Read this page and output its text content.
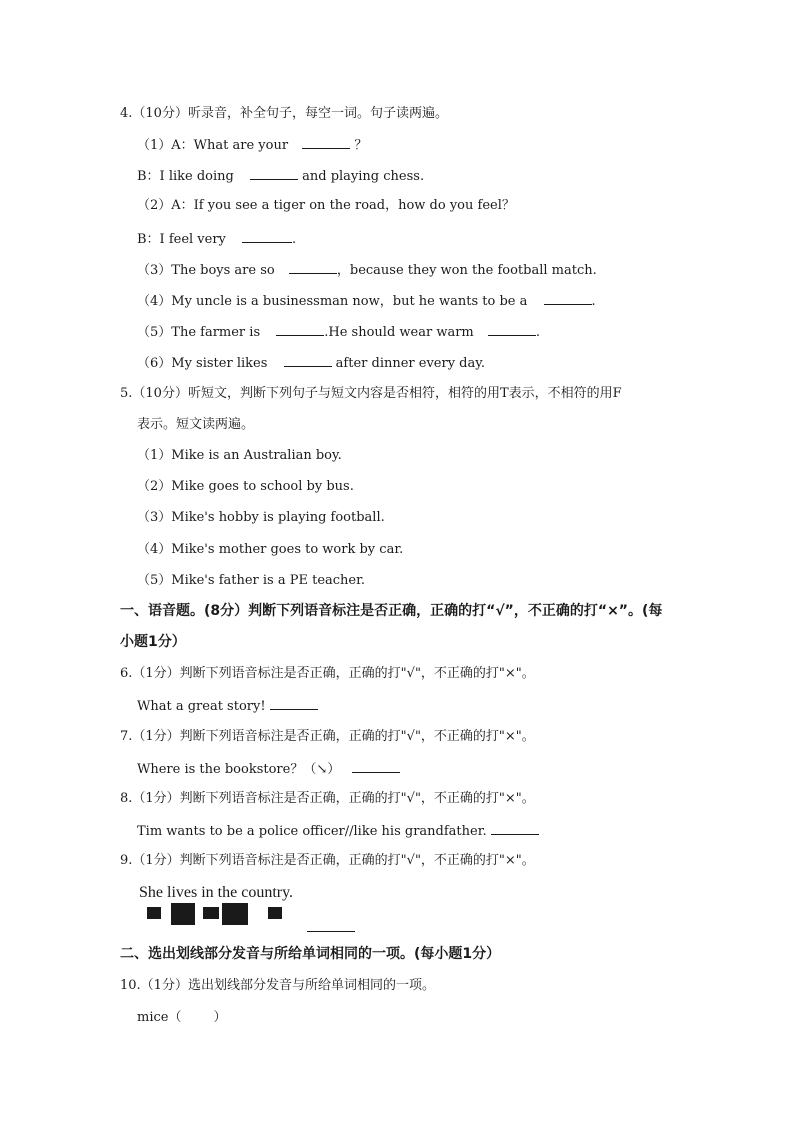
4.（10分）听录音，补全句子，每空一词。句子读两遍。
（1）A：What are your	？
B：I like doing	and playing chess.
（2）A：If you see a tiger on the road，how do you feel？
B：I feel very	.
（3）The boys are so	，because they won the football match.
（4）My uncle is a businessman now，but he wants to be a	.
（5）The farmer is	.He should wear warm	.
（6）My sister likes	after dinner every day.
5.（10分）听短文，判断下列句子与短文内容是否相符，相符的用T表示，不相符的用F
表示。短文读两遍。
（1）Mike is an Australian boy.
（2）Mike goes to school by bus.
（3）Mike's hobby is playing football.
（4）Mike's mother goes to work by car.
（5）Mike's father is a PE teacher.
一、语音题。(8分）判断下列语音标注是否正确，正确的打“√”，不正确的打“×”。(每
小题1分）
6.（1分）判断下列语音标注是否正确，正确的打"√"，不正确的打"×"。
What a great story!
7.（1分）判断下列语音标注是否正确，正确的打"√"，不正确的打"×"。
Where is the bookstore？（↘）
8.（1分）判断下列语音标注是否正确，正确的打"√"，不正确的打"×"。
Tim wants to be a police officer//like his grandfather.
9.（1分）判断下列语音标注是否正确，正确的打"√"，不正确的打"×"。
She lives in the country.
二、选出划线部分发音与所给单词相同的一项。(每小题1分）
10.（1分）选出划线部分发音与所给单词相同的一项。
mice（ ）
